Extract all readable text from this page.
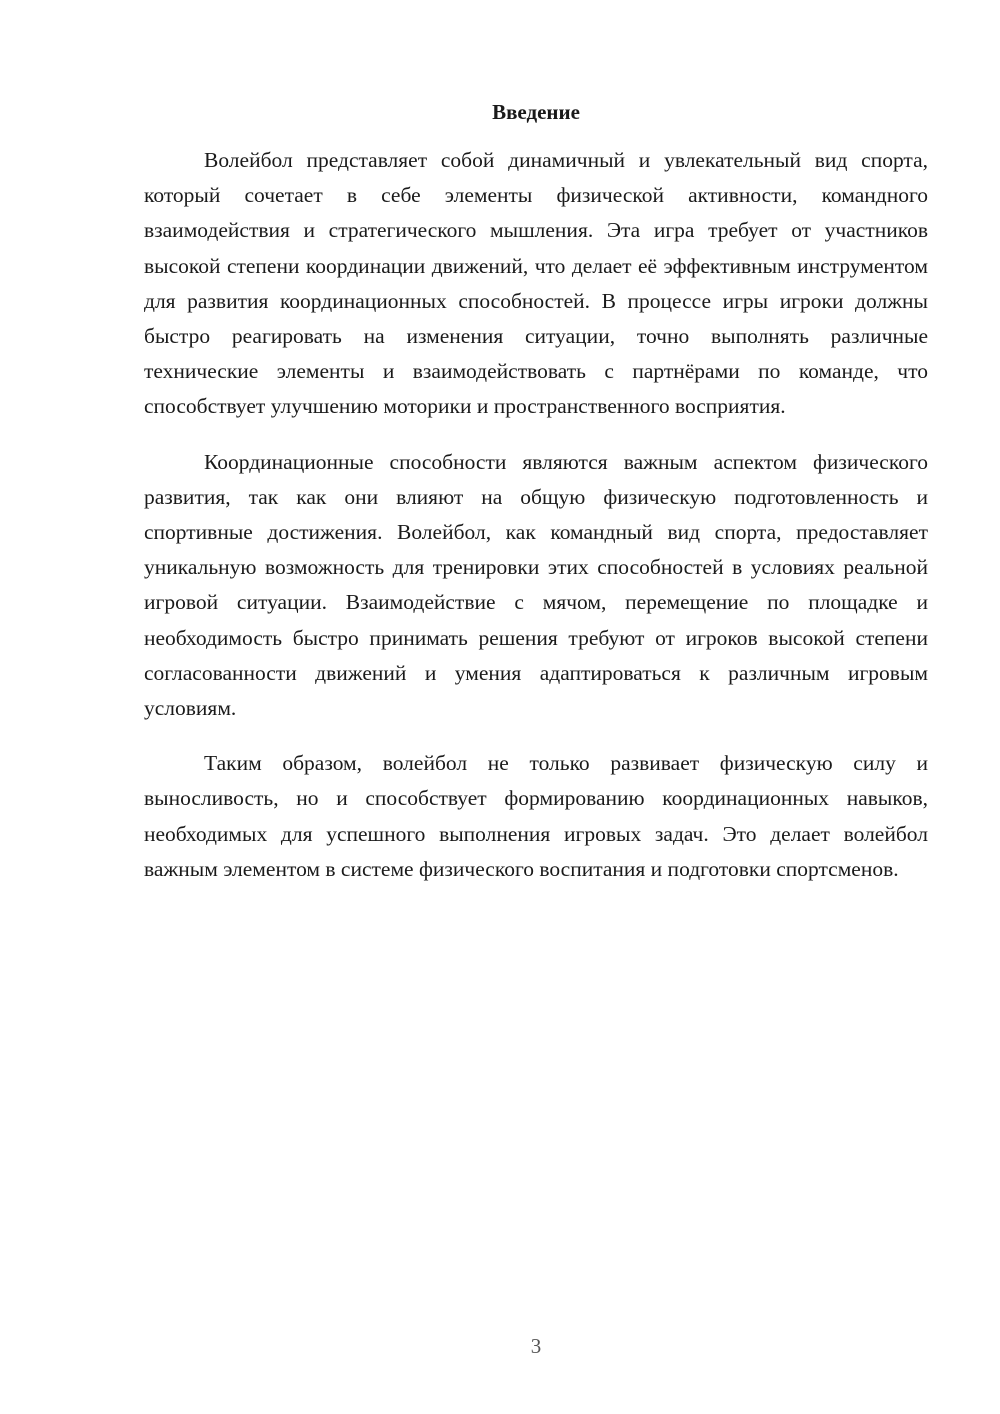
Введение

Волейбол представляет собой динамичный и увлекательный вид спорта, который сочетает в себе элементы физической активности, командного взаимодействия и стратегического мышления. Эта игра требует от участников высокой степени координации движений, что делает её эффективным инструментом для развития координационных способностей. В процессе игры игроки должны быстро реагировать на изменения ситуации, точно выполнять различные технические элементы и взаимодействовать с партнёрами по команде, что способствует улучшению моторики и пространственного восприятия.

Координационные способности являются важным аспектом физического развития, так как они влияют на общую физическую подготовленность и спортивные достижения. Волейбол, как командный вид спорта, предоставляет уникальную возможность для тренировки этих способностей в условиях реальной игровой ситуации. Взаимодействие с мячом, перемещение по площадке и необходимость быстро принимать решения требуют от игроков высокой степени согласованности движений и умения адаптироваться к различным игровым условиям.

Таким образом, волейбол не только развивает физическую силу и выносливость, но и способствует формированию координационных навыков, необходимых для успешного выполнения игровых задач. Это делает волейбол важным элементом в системе физического воспитания и подготовки спортсменов.

3
